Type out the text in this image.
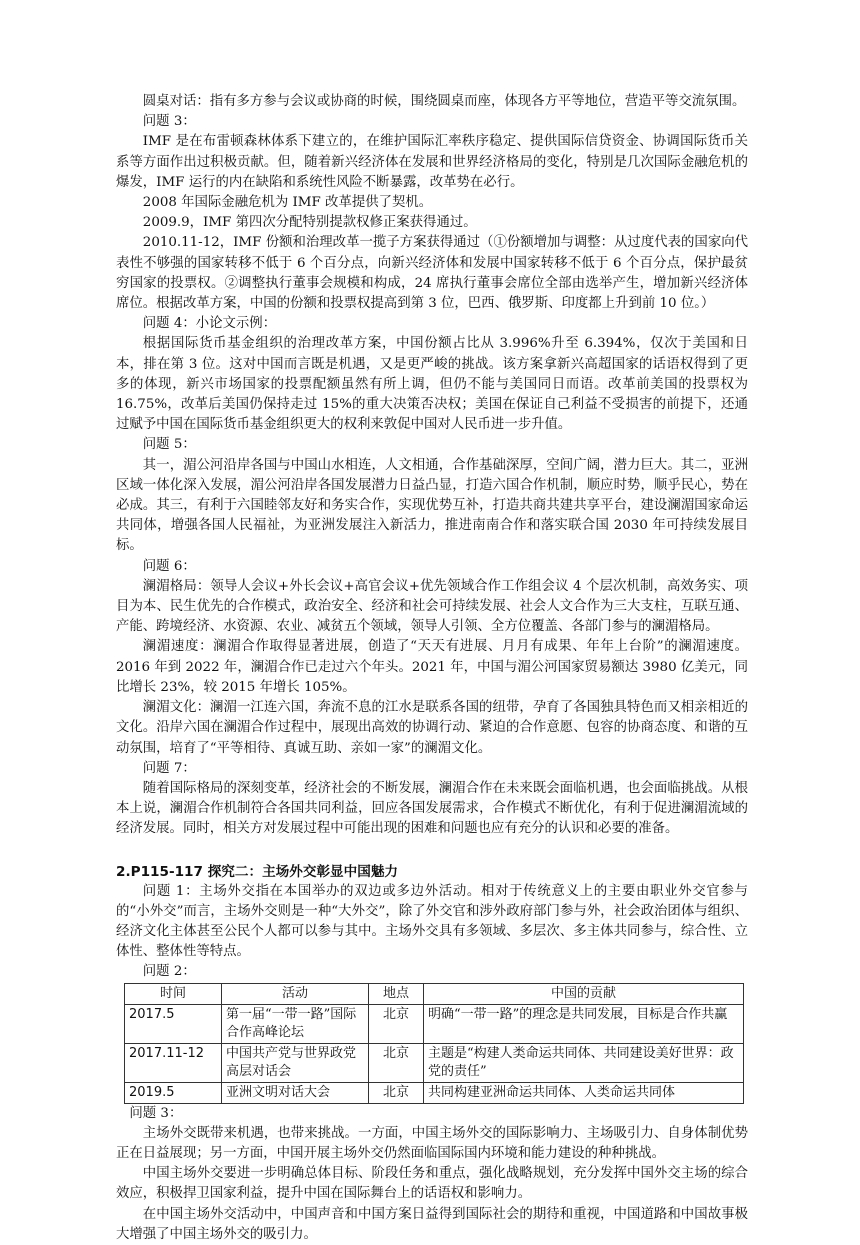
圆桌对话：指有多方参与会议或协商的时候，围绕圆桌而座，体现各方平等地位，营造平等交流氛围。

问题 3：

IMF 是在布雷顿森林体系下建立的，在维护国际汇率秩序稳定、提供国际信贷资金、协调国际货币关系等方面作出过积极贡献。但，随着新兴经济体在发展和世界经济格局的变化，特别是几次国际金融危机的爆发，IMF 运行的内在缺陷和系统性风险不断暴露，改革势在必行。

2008 年国际金融危机为 IMF 改革提供了契机。

2009.9，IMF 第四次分配特别提款权修正案获得通过。

2010.11-12，IMF 份额和治理改革一揽子方案获得通过（①份额增加与调整：从过度代表的国家向代表性不够强的国家转移不低于 6 个百分点，向新兴经济体和发展中国家转移不低于 6 个百分点，保护最贫穷国家的投票权。②调整执行董事会规模和构成，24 席执行董事会席位全部由选举产生，增加新兴经济体席位。根据改革方案，中国的份额和投票权提高到第 3 位，巴西、俄罗斯、印度都上升到前 10 位。）

问题 4：小论文示例：

根据国际货币基金组织的治理改革方案，中国份额占比从 3.996%升至 6.394%，仅次于美国和日本，排在第 3 位。这对中国而言既是机遇，又是更严峻的挑战。该方案拿新兴高超国家的话语权得到了更多的体现，新兴市场国家的投票配额虽然有所上调，但仍不能与美国同日而语。改革前美国的投票权为 16.75%，改革后美国仍保持走过 15%的重大决策否决权；美国在保证自己利益不受损害的前提下，还通过赋予中国在国际货币基金组织更大的权利来敦促中国对人民币进一步升值。

问题 5：

其一，湄公河沿岸各国与中国山水相连，人文相通，合作基础深厚，空间广阔，潜力巨大。其二，亚洲区域一体化深入发展，湄公河沿岸各国发展潜力日益凸显，打造六国合作机制，顺应时势，顺乎民心，势在必成。其三，有利于六国睦邻友好和务实合作，实现优势互补，打造共商共建共享平台，建设澜湄国家命运共同体，增强各国人民福祉，为亚洲发展注入新活力，推进南南合作和落实联合国 2030 年可持续发展目标。

问题 6：

澜湄格局：领导人会议+外长会议+高官会议+优先领域合作工作组会议 4 个层次机制，高效务实、项目为本、民生优先的合作模式，政治安全、经济和社会可持续发展、社会人文合作为三大支柱，互联互通、产能、跨境经济、水资源、农业、减贫五个领域，领导人引领、全方位覆盖、各部门参与的澜湄格局。

澜湄速度：澜湄合作取得显著进展，创造了“天天有进展、月月有成果、年年上台阶”的澜湄速度。2016 年到 2022 年，澜湄合作已走过六个年头。2021 年，中国与湄公河国家贸易额达 3980 亿美元，同比增长 23%，较 2015 年增长 105%。

澜湄文化：澜湄一江连六国，奔流不息的江水是联系各国的纽带，孕育了各国独具特色而又相亲相近的文化。沿岸六国在澜湄合作过程中，展现出高效的协调行动、紧迫的合作意愿、包容的协商态度、和谐的互动氛围，培育了“平等相待、真诚互助、亲如一家”的澜湄文化。

问题 7：

随着国际格局的深刻变革，经济社会的不断发展，澜湄合作在未来既会面临机遇，也会面临挑战。从根本上说，澜湄合作机制符合各国共同利益，回应各国发展需求，合作模式不断优化，有利于促进澜湄流域的经济发展。同时，相关方对发展过程中可能出现的困难和问题也应有充分的认识和必要的准备。

2.P115-117 探究二：主场外交彰显中国魅力

问题 1：主场外交指在本国举办的双边或多边外活动。相对于传统意义上的主要由职业外交官参与的“小外交”而言，主场外交则是一种“大外交”，除了外交官和涉外政府部门参与外，社会政治团体与组织、经济文化主体甚至公民个人都可以参与其中。主场外交具有多领域、多层次、多主体共同参与，综合性、立体性、整体性等特点。

问题 2：

时间	活动	地点	中国的贡献
2017.5	第一届“一带一路”国际合作高峰论坛	北京	明确“一带一路”的理念是共同发展，目标是合作共赢
2017.11-12	中国共产党与世界政党高层对话会	北京	主题是“构建人类命运共同体、共同建设美好世界：政党的责任”
2019.5	亚洲文明对话大会	北京	共同构建亚洲命运共同体、人类命运共同体

问题 3：

主场外交既带来机遇，也带来挑战。一方面，中国主场外交的国际影响力、主场吸引力、自身体制优势正在日益展现；另一方面，中国开展主场外交仍然面临国际国内环境和能力建设的种种挑战。

中国主场外交要进一步明确总体目标、阶段任务和重点，强化战略规划，充分发挥中国外交主场的综合效应，积极捍卫国家利益，提升中国在国际舞台上的话语权和影响力。

在中国主场外交活动中，中国声音和中国方案日益得到国际社会的期待和重视，中国道路和中国故事极大增强了中国主场外交的吸引力。
